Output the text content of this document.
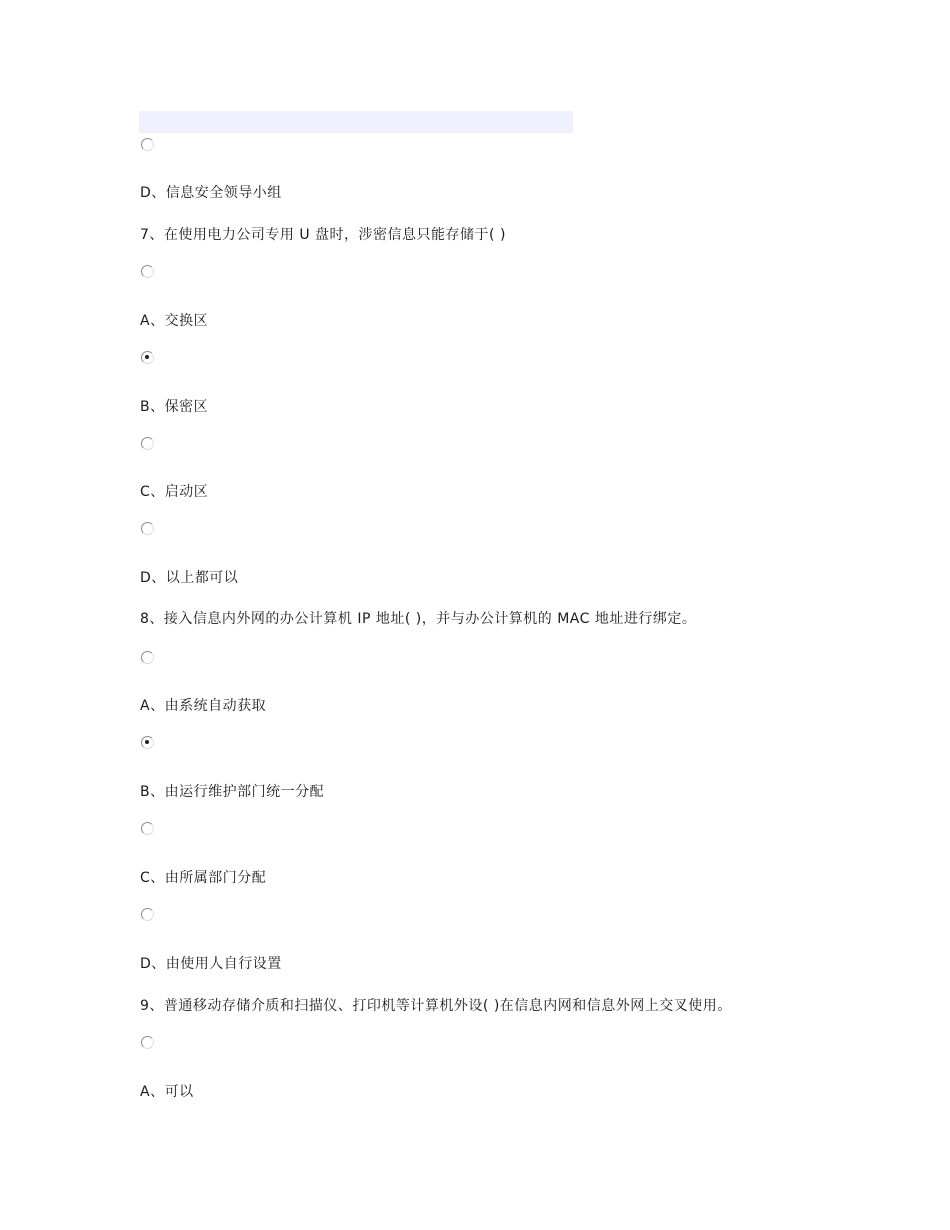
D、信息安全领导小组
7、在使用电力公司专用 U 盘时，涉密信息只能存储于( )
A、交换区
B、保密区
C、启动区
D、以上都可以
8、接入信息内外网的办公计算机 IP 地址( )，并与办公计算机的 MAC 地址进行绑定。
A、由系统自动获取
B、由运行维护部门统一分配
C、由所属部门分配
D、由使用人自行设置
9、普通移动存储介质和扫描仪、打印机等计算机外设( )在信息内网和信息外网上交叉使用。
A、可以
